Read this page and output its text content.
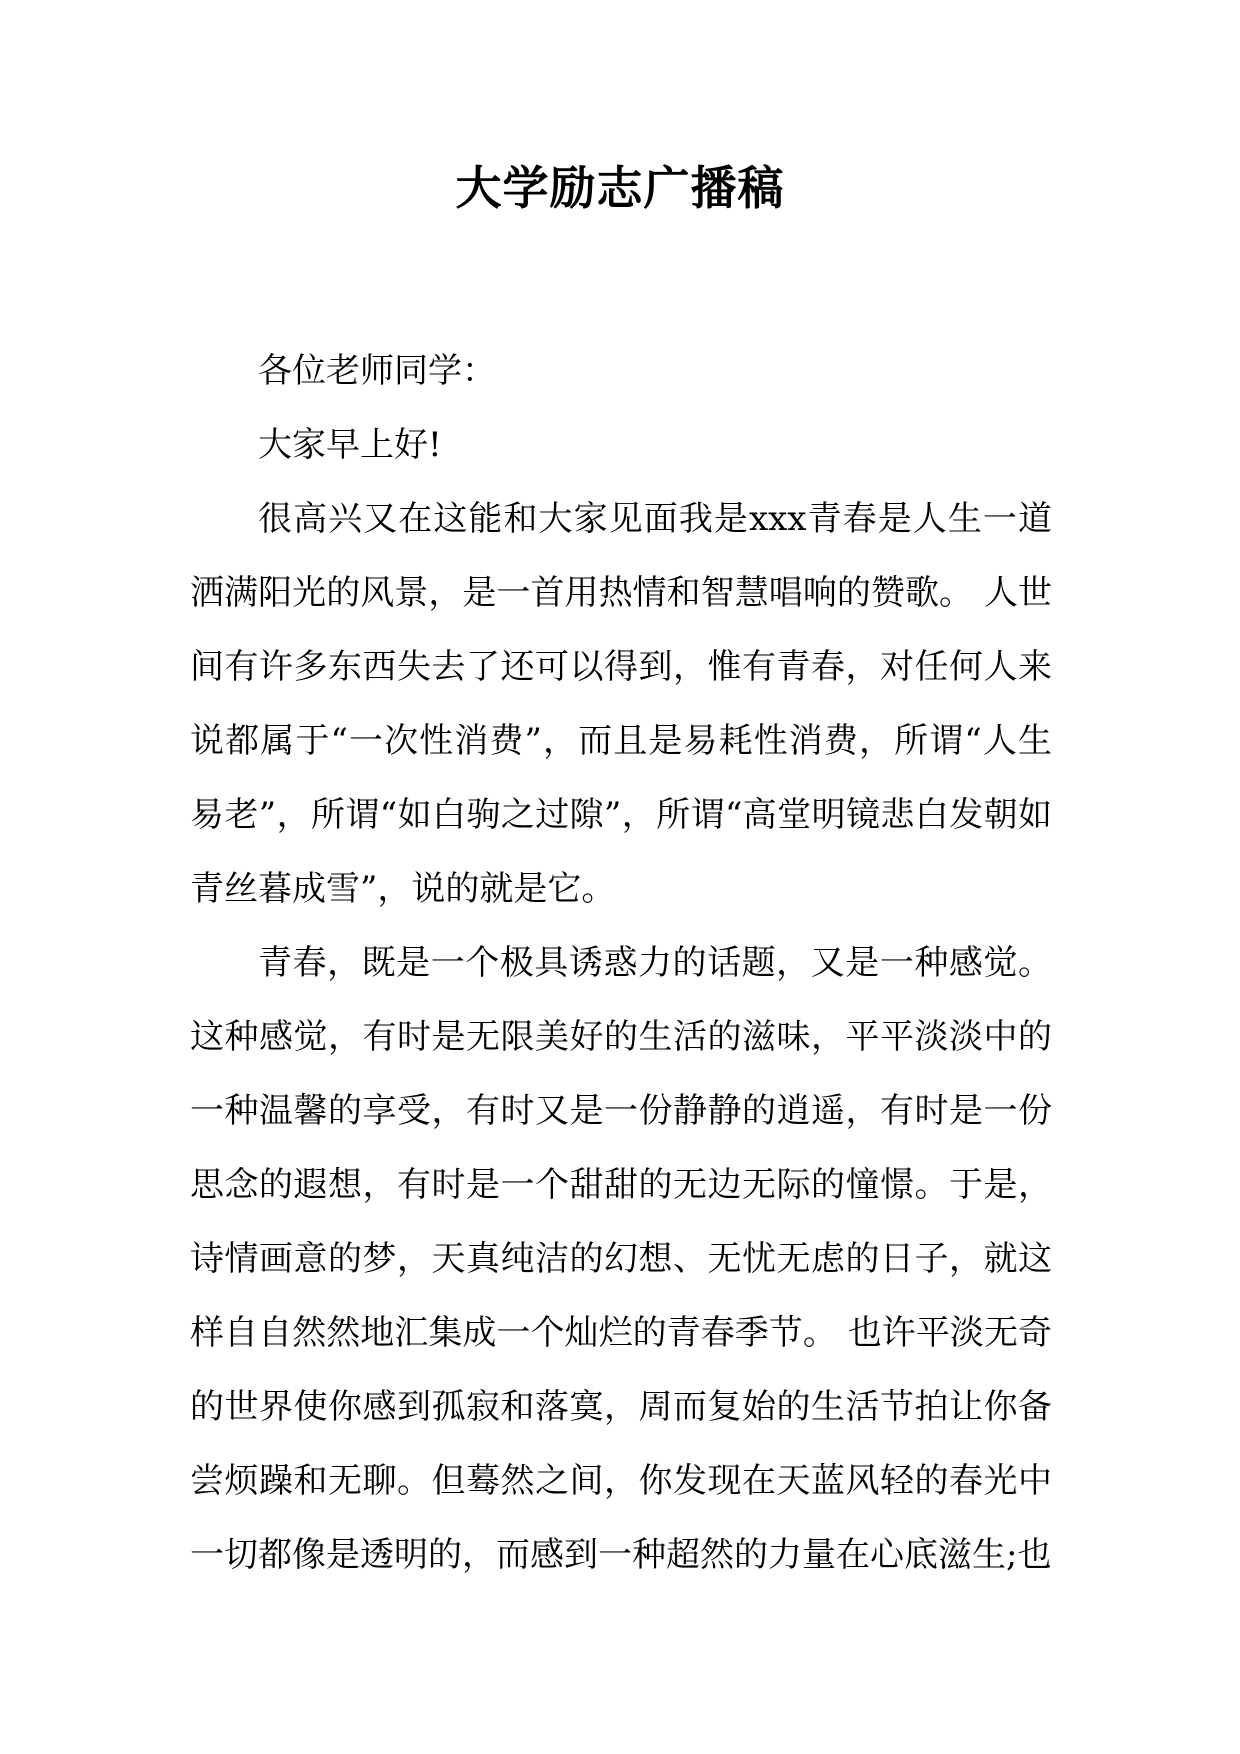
大学励志广播稿

各位老师同学：

大家早上好!

很高兴又在这能和大家见面我是xxx青春是人生一道洒满阳光的风景，是一首用热情和智慧唱响的赞歌。 人世间有许多东西失去了还可以得到，惟有青春，对任何人来说都属于“一次性消费”，而且是易耗性消费，所谓“人生易老”，所谓“如白驹之过隙”，所谓“高堂明镜悲白发朝如青丝暮成雪”，说的就是它。

青春，既是一个极具诱惑力的话题，又是一种感觉。这种感觉，有时是无限美好的生活的滋味，平平淡淡中的一种温馨的享受，有时又是一份静静的逍遥，有时是一份思念的遐想，有时是一个甜甜的无边无际的憧憬。于是，诗情画意的梦，天真纯洁的幻想、无忧无虑的日子，就这样自自然然地汇集成一个灿烂的青春季节。 也许平淡无奇的世界使你感到孤寂和落寞，周而复始的生活节拍让你备尝烦躁和无聊。但蓦然之间，你发现在天蓝风轻的春光中一切都像是透明的，而感到一种超然的力量在心底滋生;也
